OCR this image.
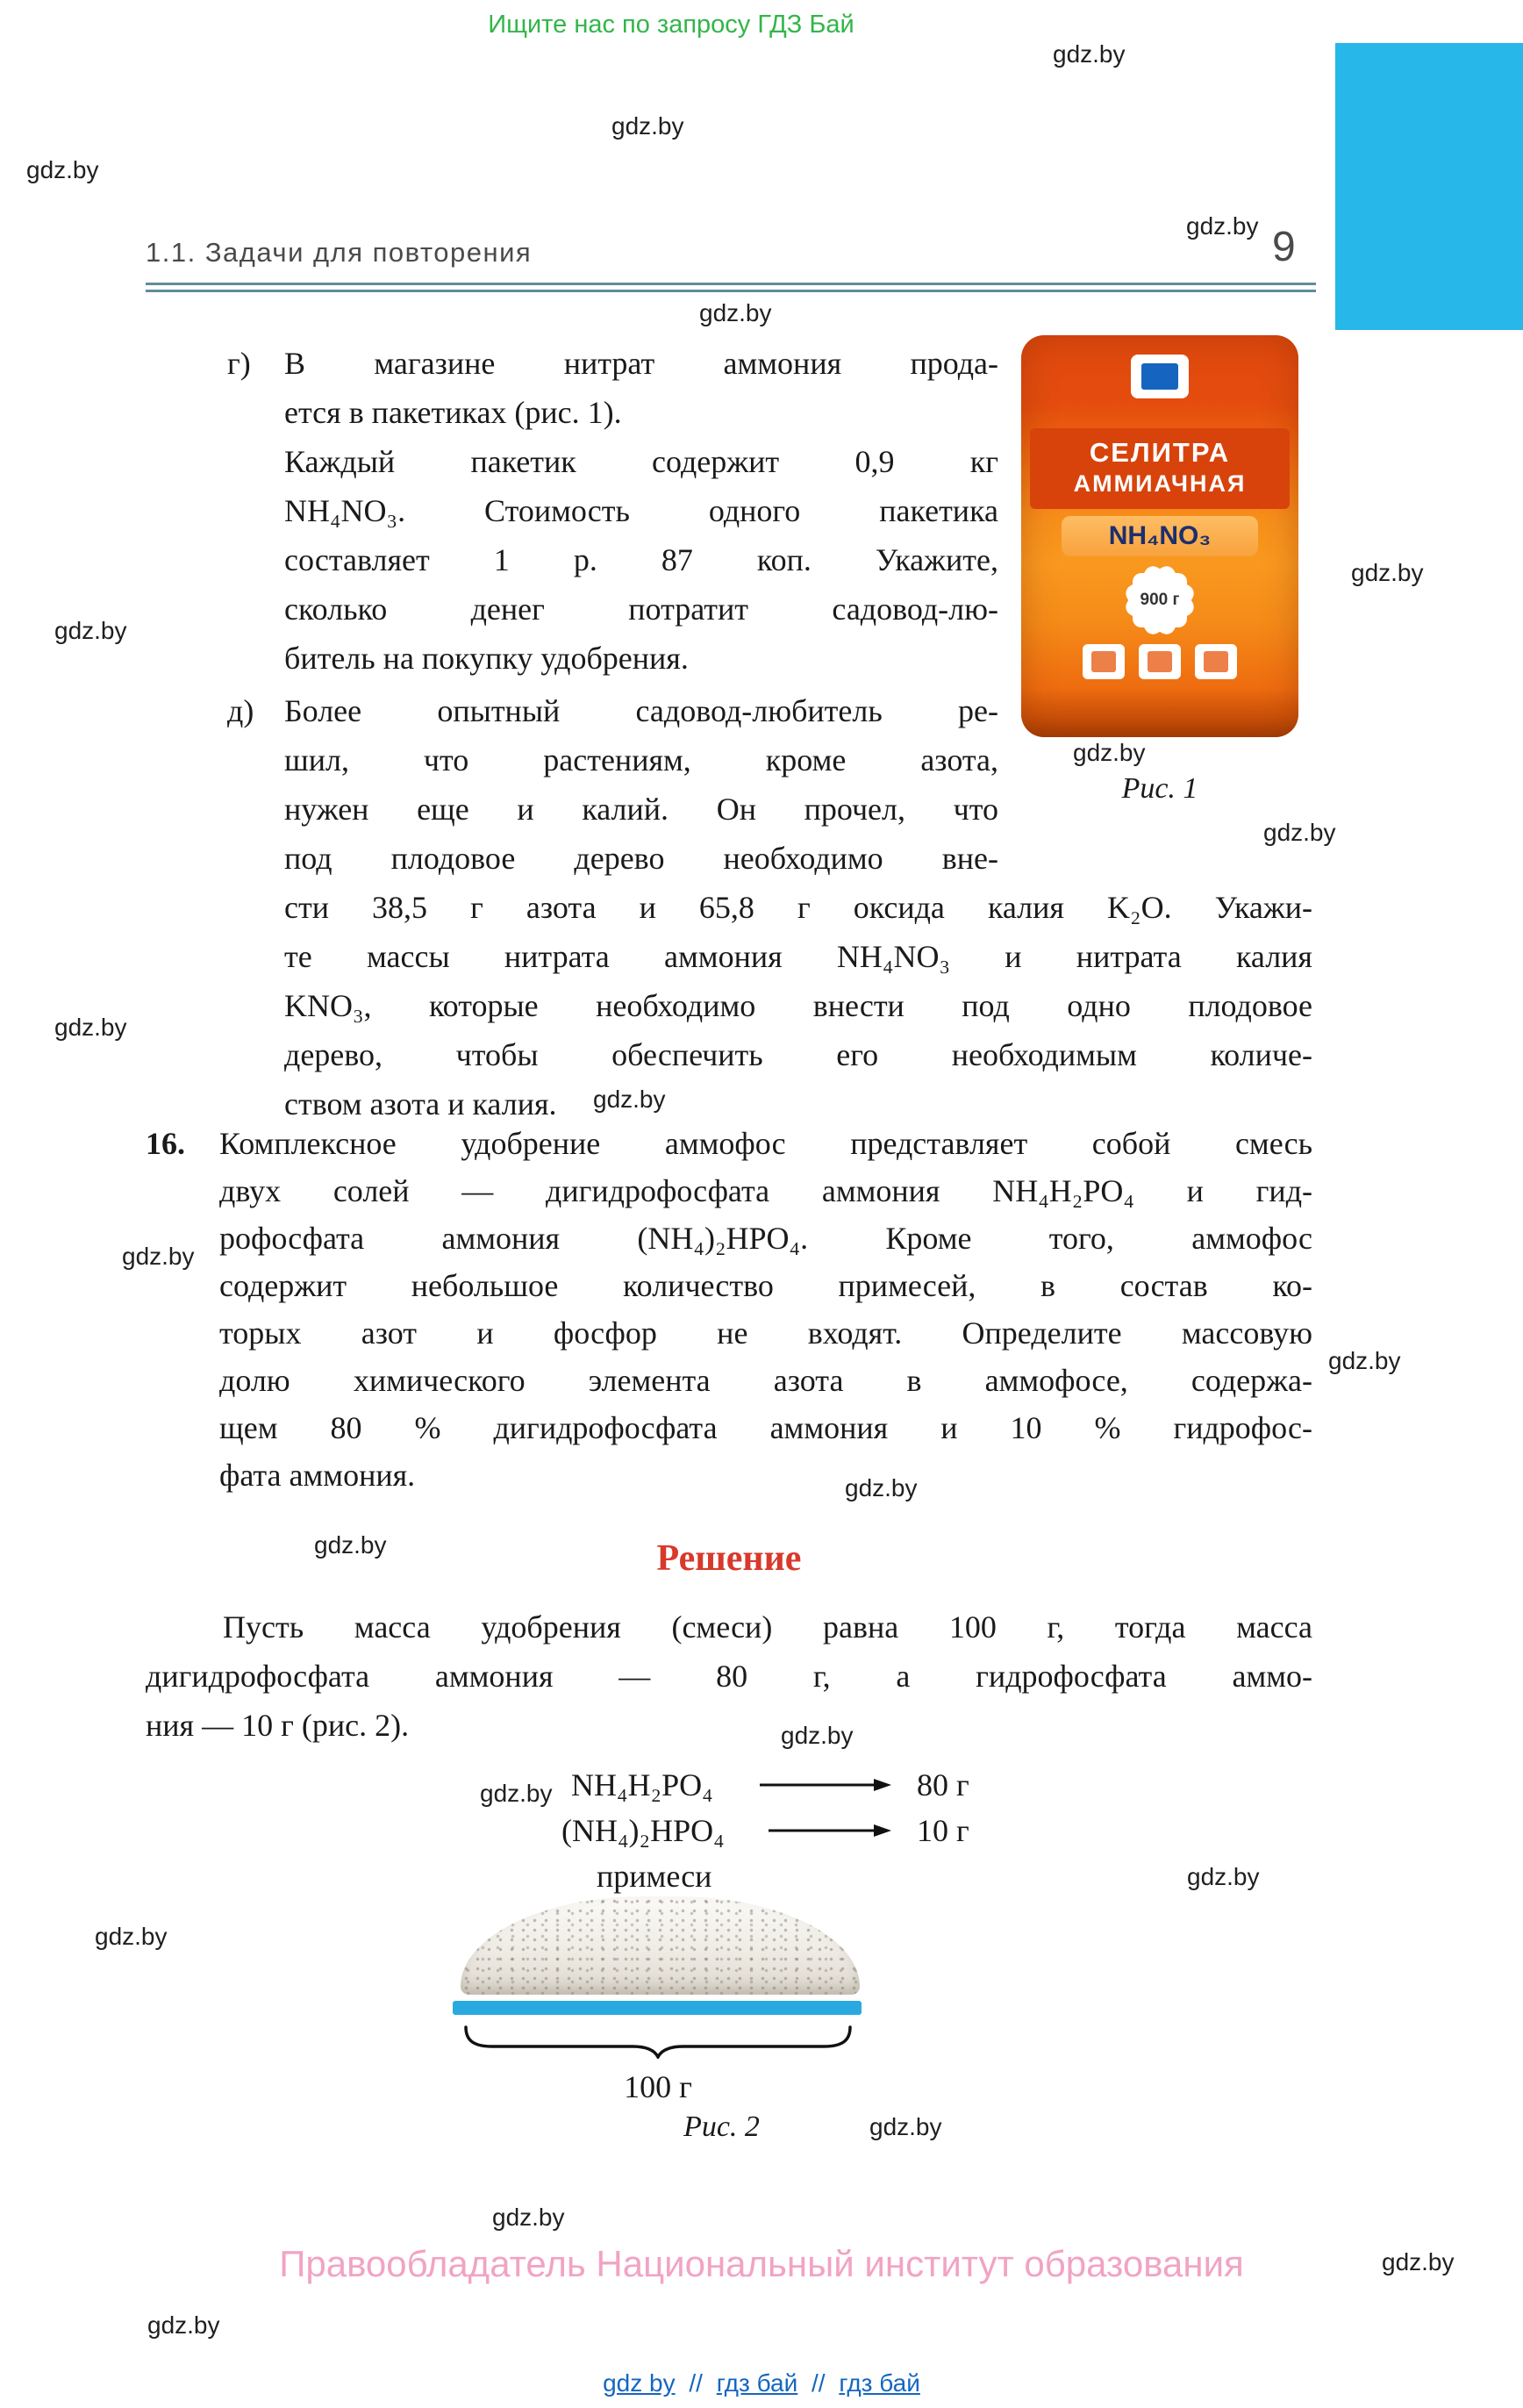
Ищите нас по запросу ГДЗ Бай
gdz.by
gdz.by
gdz.by
gdz.by
gdz.by
gdz.by
gdz.by
gdz.by
gdz.by
gdz.by
gdz.by
gdz.by
gdz.by
gdz.by
gdz.by
gdz.by
gdz.by
gdz.by
gdz.by
gdz.by
gdz.by
gdz.by
gdz.by
1.1. Задачи для повторения	9
г) В магазине нитрат аммония прода-
ется в пакетиках (рис. 1).
Каждый пакетик содержит 0,9 кг
NH₄NO₃. Стоимость одного пакетика
составляет 1 р. 87 коп. Укажите,
сколько денег потратит садовод-лю-
битель на покупку удобрения.
д) Более опытный садовод-любитель ре-
шил, что растениям, кроме азота,
нужен еще и калий. Он прочел, что
под плодовое дерево необходимо вне-
сти 38,5 г азота и 65,8 г оксида калия K₂O. Укажи-
те массы нитрата аммония NH₄NO₃ и нитрата калия
KNO₃, которые необходимо внести под одно плодовое
дерево, чтобы обеспечить его необходимым количе-
ством азота и калия.
16. Комплексное удобрение аммофос представляет собой смесь
двух солей — дигидрофосфата аммония NH₄H₂PO₄ и гид-
рофосфата аммония (NH₄)₂HPO₄. Кроме того, аммофос
содержит небольшое количество примесей, в состав ко-
торых азот и фосфор не входят. Определите массовую
долю химического элемента азота в аммофосе, содержа-
щем 80 % дигидрофосфата аммония и 10 % гидрофос-
фата аммония.
СЕЛИТРА
АММИАЧНАЯ
NH₄NO₃
900 г
Рис. 1
Решение
Пусть масса удобрения (смеси) равна 100 г, тогда масса
дигидрофосфата аммония — 80 г, а гидрофосфата аммо-
ния — 10 г (рис. 2).
NH₄H₂PO₄
(NH₄)₂HPO₄
примеси
80 г
10 г
100 г
Рис. 2
Правообладатель Национальный институт образования
gdz by // гдз бай // гдз бай
